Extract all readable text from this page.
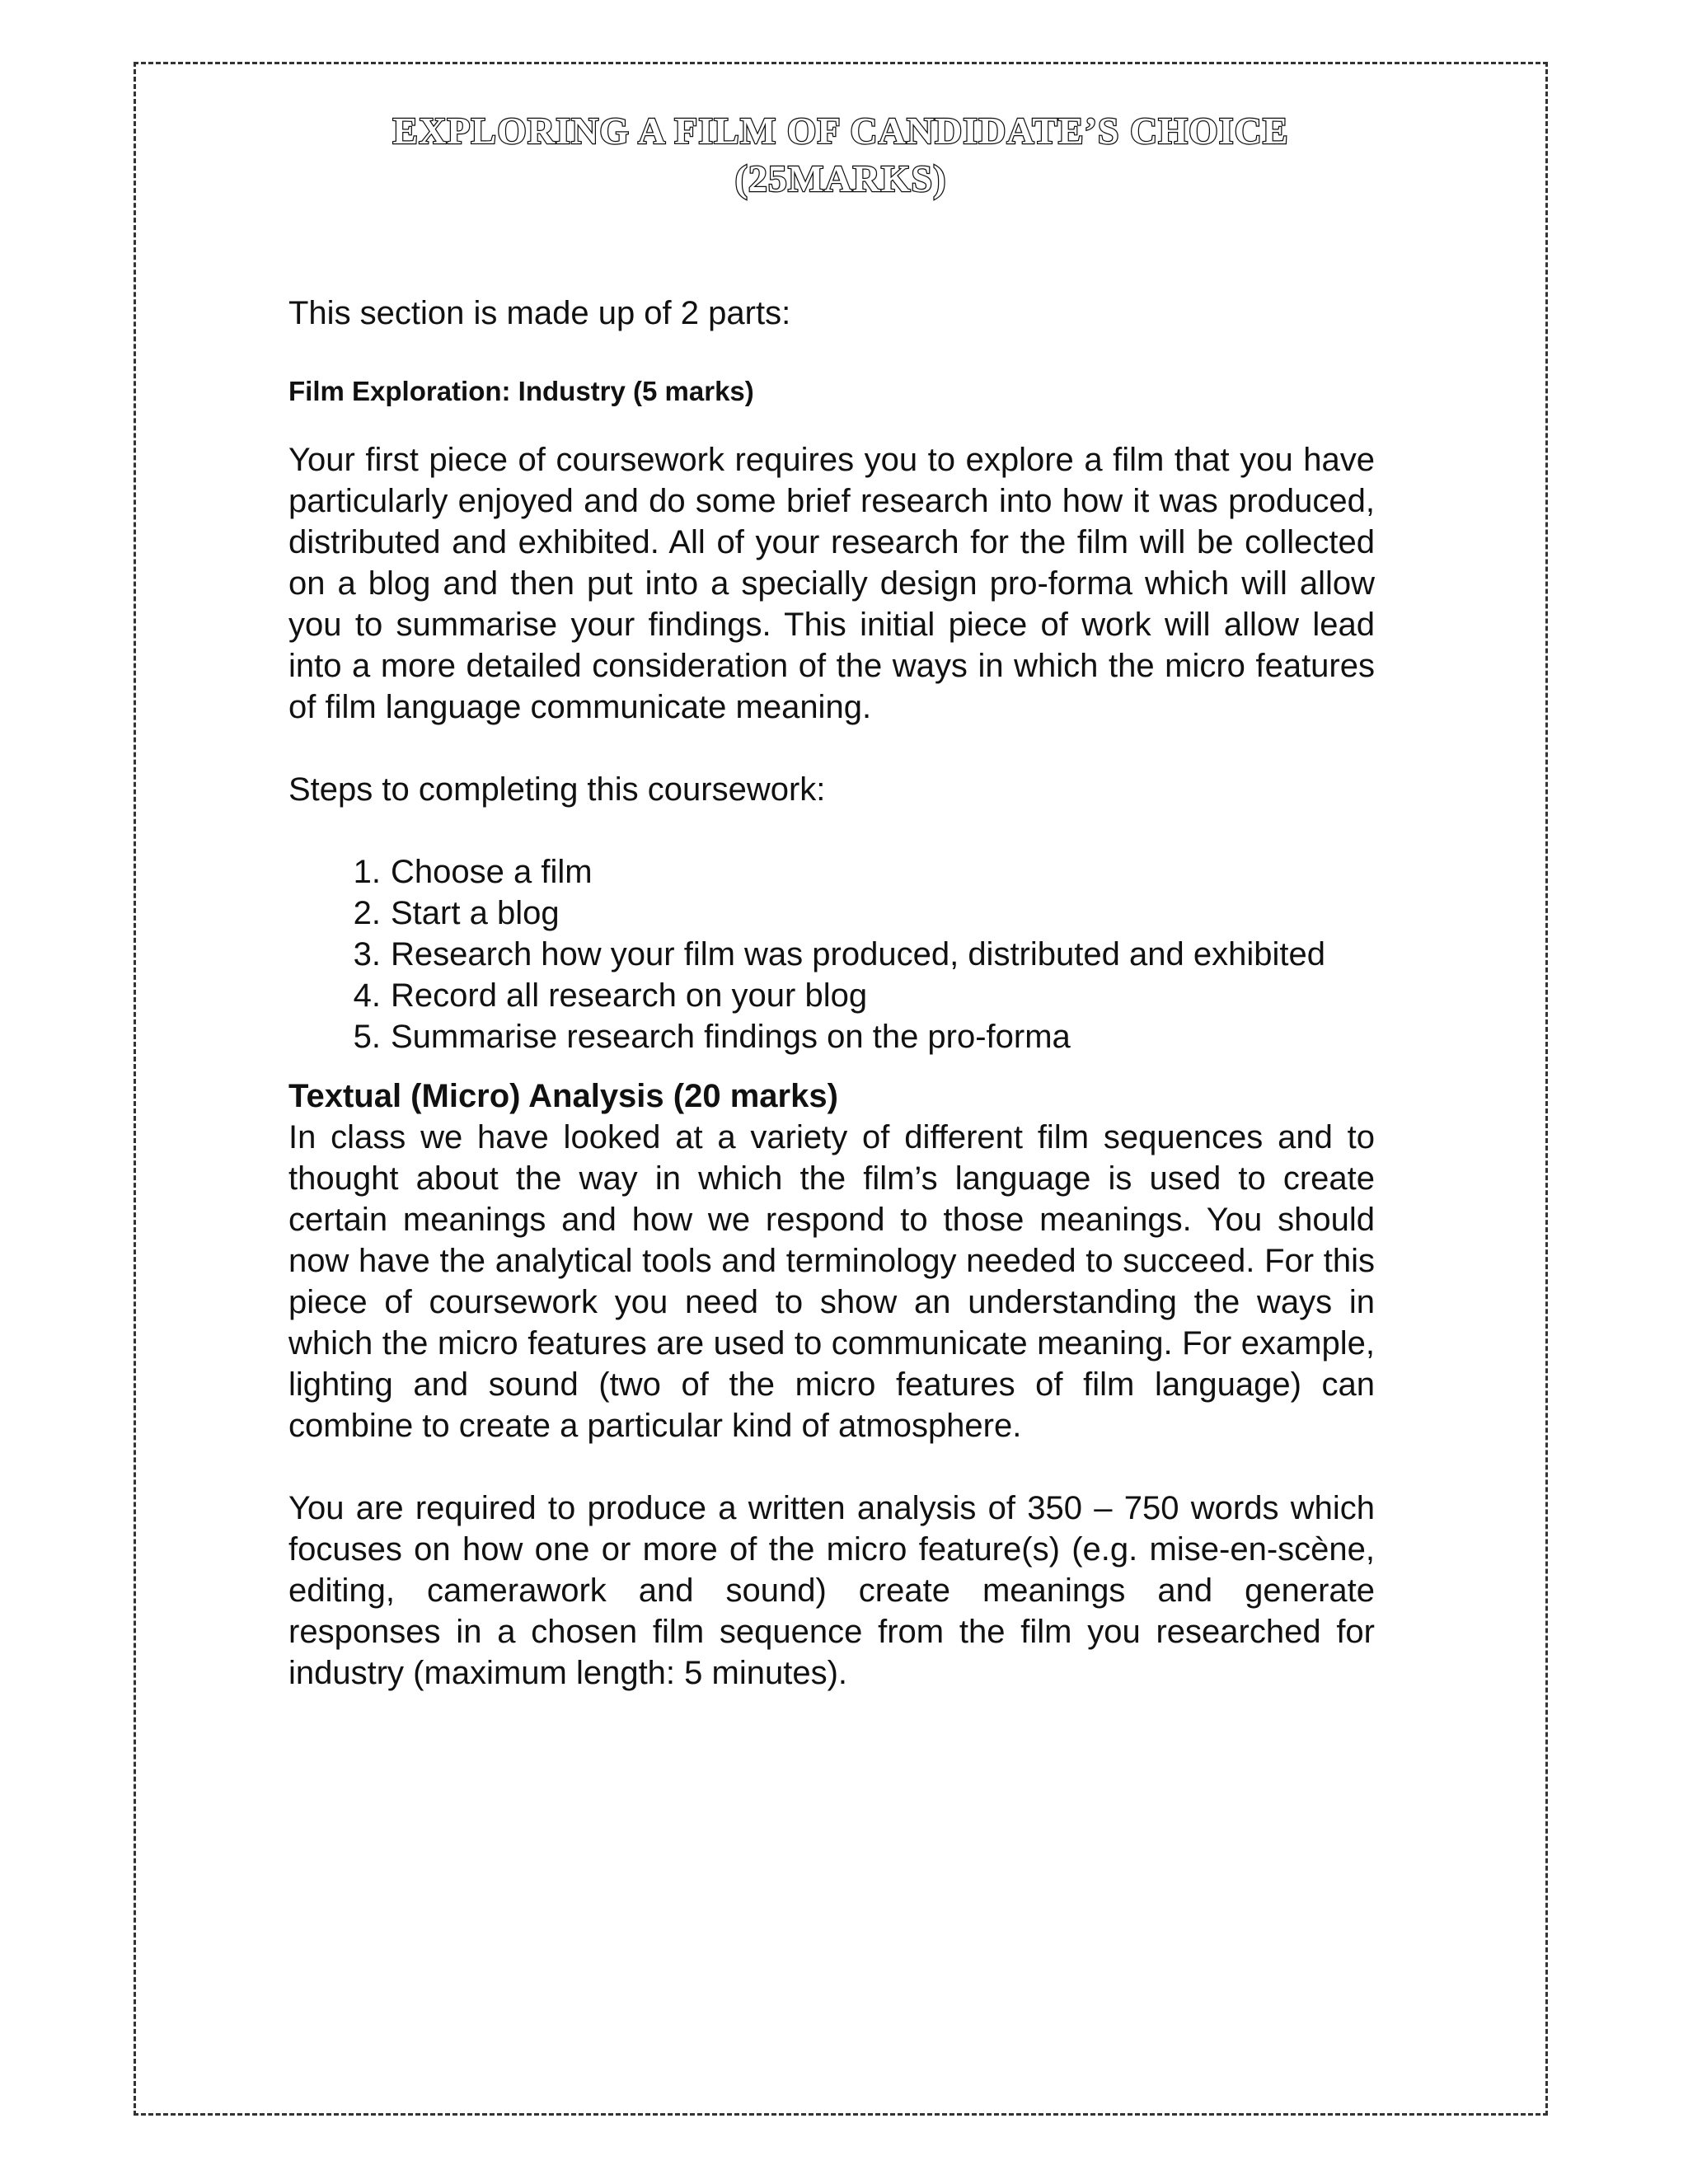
EXPLORING A FILM OF CANDIDATE’S CHOICE
(25MARKS)

This section is made up of 2 parts:

Film Exploration: Industry (5 marks)

Your first piece of coursework requires you to explore a film that you have particularly enjoyed and do some brief research into how it was produced, distributed and exhibited. All of your research for the film will be collected on a blog and then put into a specially design pro-forma which will allow you to summarise your findings. This initial piece of work will allow lead into a more detailed consideration of the ways in which the micro features of film language communicate meaning.

Steps to completing this coursework:

1. Choose a film
2. Start a blog
3. Research how your film was produced, distributed and exhibited
4. Record all research on your blog
5. Summarise research findings on the pro-forma

Textual (Micro) Analysis (20 marks)

In class we have looked at a variety of different film sequences and to thought about the way in which the film’s language is used to create certain meanings and how we respond to those meanings. You should now have the analytical tools and terminology needed to succeed. For this piece of coursework you need to show an understanding the ways in which the micro features are used to communicate meaning. For example, lighting and sound (two of the micro features of film language) can combine to create a particular kind of atmosphere.

You are required to produce a written analysis of 350 – 750 words which focuses on how one or more of the micro feature(s) (e.g. mise-en-scène, editing, camerawork and sound) create meanings and generate responses in a chosen film sequence from the film you researched for industry (maximum length: 5 minutes).
